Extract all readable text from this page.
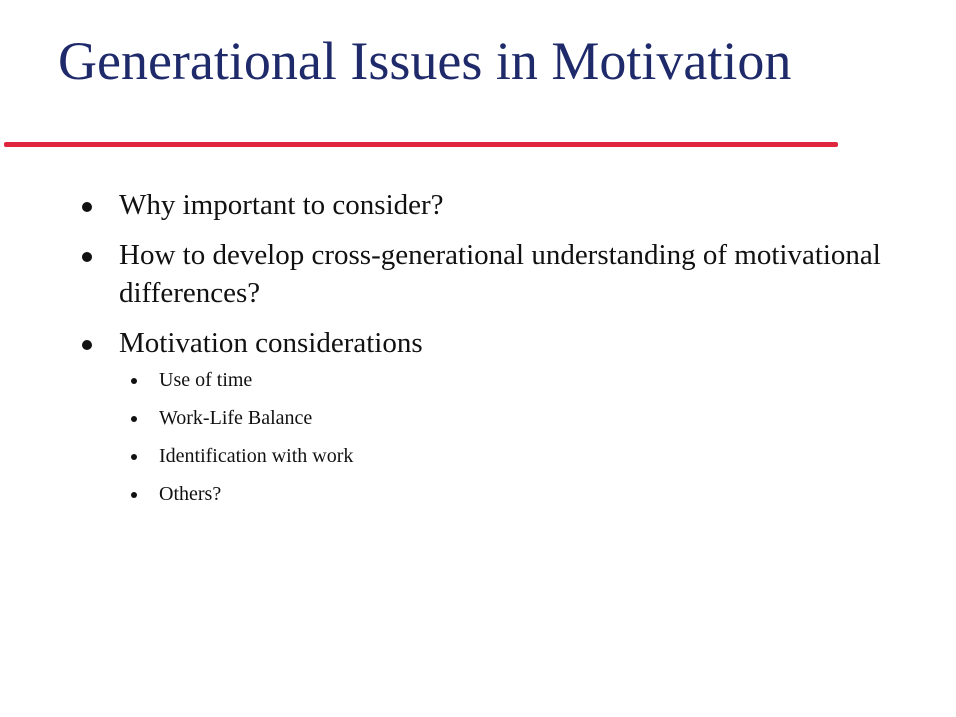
Generational Issues in Motivation
Why important to consider?
How to develop cross-generational understanding of motivational differences?
Motivation considerations
Use of time
Work-Life Balance
Identification with work
Others?
